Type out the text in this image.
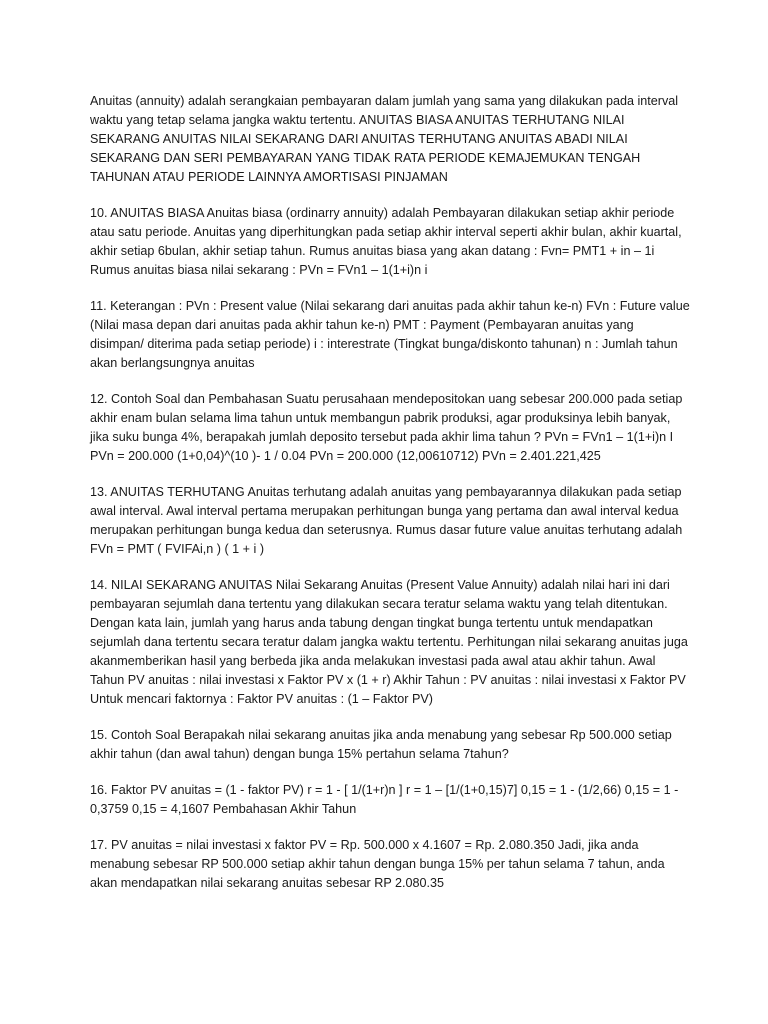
Anuitas (annuity) adalah serangkaian pembayaran dalam jumlah yang sama yang dilakukan pada interval waktu yang tetap selama jangka waktu tertentu. ANUITAS BIASA ANUITAS TERHUTANG NILAI SEKARANG ANUITAS NILAI SEKARANG DARI ANUITAS TERHUTANG ANUITAS ABADI NILAI SEKARANG DAN SERI PEMBAYARAN YANG TIDAK RATA PERIODE KEMAJEMUKAN TENGAH TAHUNAN ATAU PERIODE LAINNYA AMORTISASI PINJAMAN

10. ANUITAS BIASA Anuitas biasa (ordinarry annuity) adalah Pembayaran dilakukan setiap akhir periode atau satu periode. Anuitas yang diperhitungkan pada setiap akhir interval seperti akhir bulan, akhir kuartal, akhir setiap 6bulan, akhir setiap tahun. Rumus anuitas biasa yang akan datang : Fvn= PMT1 + in – 1i Rumus anuitas biasa nilai sekarang : PVn = FVn1 – 1(1+i)n i

11. Keterangan : PVn : Present value (Nilai sekarang dari anuitas pada akhir tahun ke-n) FVn : Future value (Nilai masa depan dari anuitas pada akhir tahun ke-n) PMT : Payment (Pembayaran anuitas yang disimpan/ diterima pada setiap periode) i : interestrate (Tingkat bunga/diskonto tahunan) n : Jumlah tahun akan berlangsungnya anuitas

12. Contoh Soal dan Pembahasan Suatu perusahaan mendepositokan uang sebesar 200.000 pada setiap akhir enam bulan selama lima tahun untuk membangun pabrik produksi, agar produksinya lebih banyak, jika suku bunga 4%, berapakah jumlah deposito tersebut pada akhir lima tahun ? PVn = FVn1 – 1(1+i)n I PVn = 200.000 (1+0,04)^(10 )- 1 / 0.04 PVn = 200.000 (12,00610712) PVn = 2.401.221,425

13. ANUITAS TERHUTANG Anuitas terhutang adalah anuitas yang pembayarannya dilakukan pada setiap awal interval. Awal interval pertama merupakan perhitungan bunga yang pertama dan awal interval kedua merupakan perhitungan bunga kedua dan seterusnya. Rumus dasar future value anuitas terhutang adalah FVn = PMT ( FVIFAi,n ) ( 1 + i )

14. NILAI SEKARANG ANUITAS Nilai Sekarang Anuitas (Present Value Annuity) adalah nilai hari ini dari pembayaran sejumlah dana tertentu yang dilakukan secara teratur selama waktu yang telah ditentukan. Dengan kata lain, jumlah yang harus anda tabung dengan tingkat bunga tertentu untuk mendapatkan sejumlah dana tertentu secara teratur dalam jangka waktu tertentu. Perhitungan nilai sekarang anuitas juga akanmemberikan hasil yang berbeda jika anda melakukan investasi pada awal atau akhir tahun. Awal Tahun PV anuitas : nilai investasi x Faktor PV x (1 + r) Akhir Tahun : PV anuitas : nilai investasi x Faktor PV Untuk mencari faktornya : Faktor PV anuitas : (1 – Faktor PV)

15. Contoh Soal Berapakah nilai sekarang anuitas jika anda menabung yang sebesar Rp 500.000 setiap akhir tahun (dan awal tahun) dengan bunga 15% pertahun selama 7tahun?

16. Faktor PV anuitas = (1 - faktor PV) r = 1 - [ 1/(1+r)n ] r = 1 – [1/(1+0,15)7] 0,15 = 1 - (1/2,66) 0,15 = 1 - 0,3759 0,15 = 4,1607 Pembahasan Akhir Tahun

17. PV anuitas = nilai investasi x faktor PV = Rp. 500.000 x 4.1607 = Rp. 2.080.350 Jadi, jika anda menabung sebesar RP 500.000 setiap akhir tahun dengan bunga 15% per tahun selama 7 tahun, anda akan mendapatkan nilai sekarang anuitas sebesar RP 2.080.35
